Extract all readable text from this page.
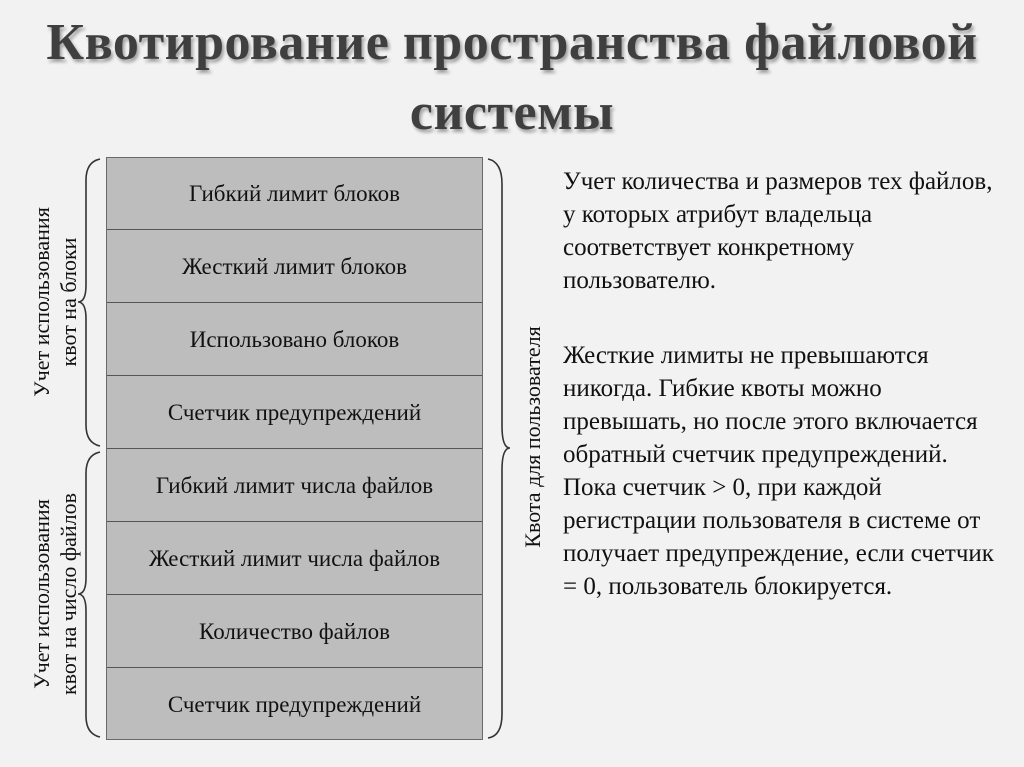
Квотирование пространства файловой
системы
Учет использования квот на блоки
Учет использования квот на число файлов
Квота для пользователя
Гибкий лимит блоков
Жесткий лимит блоков
Использовано блоков
Счетчик предупреждений
Гибкий лимит числа файлов
Жесткий лимит числа файлов
Количество файлов
Счетчик предупреждений
Учет количества и размеров тех файлов, у которых атрибут владельца соответствует конкретному пользователю.
Жесткие лимиты не превышаются никогда. Гибкие квоты можно превышать, но после этого включается обратный счетчик предупреждений. Пока счетчик > 0, при каждой регистрации пользователя в системе от получает предупреждение, если счетчик = 0, пользователь блокируется.
